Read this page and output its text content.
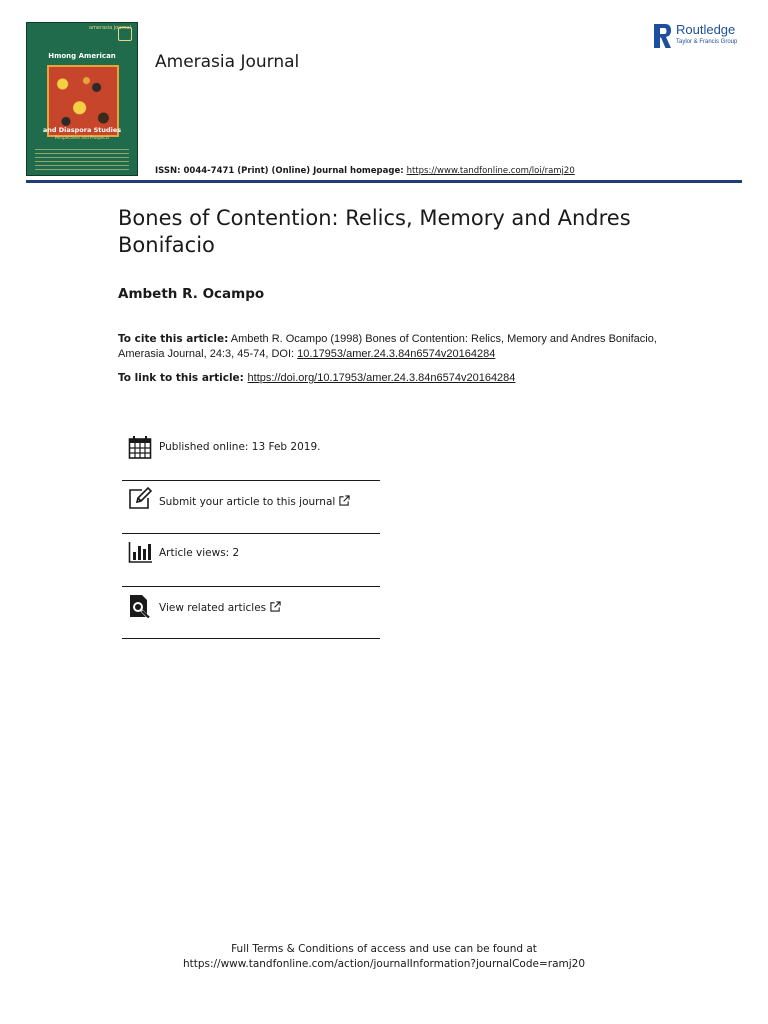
amerasia journal
Hmong American
and Diaspora Studies
Perspectives and Prospects
Amerasia Journal
ISSN: 0044-7471 (Print) (Online) Journal homepage: https://www.tandfonline.com/loi/ramj20
Routledge
Taylor & Francis Group
Bones of Contention: Relics, Memory and Andres Bonifacio
Ambeth R. Ocampo
To cite this article: Ambeth R. Ocampo (1998) Bones of Contention: Relics, Memory and Andres Bonifacio, Amerasia Journal, 24:3, 45-74, DOI: 10.17953/amer.24.3.84n6574v20164284
To link to this article: https://doi.org/10.17953/amer.24.3.84n6574v20164284
Published online: 13 Feb 2019.
Submit your article to this journal
Article views: 2
View related articles
Full Terms & Conditions of access and use can be found at
https://www.tandfonline.com/action/journalInformation?journalCode=ramj20
